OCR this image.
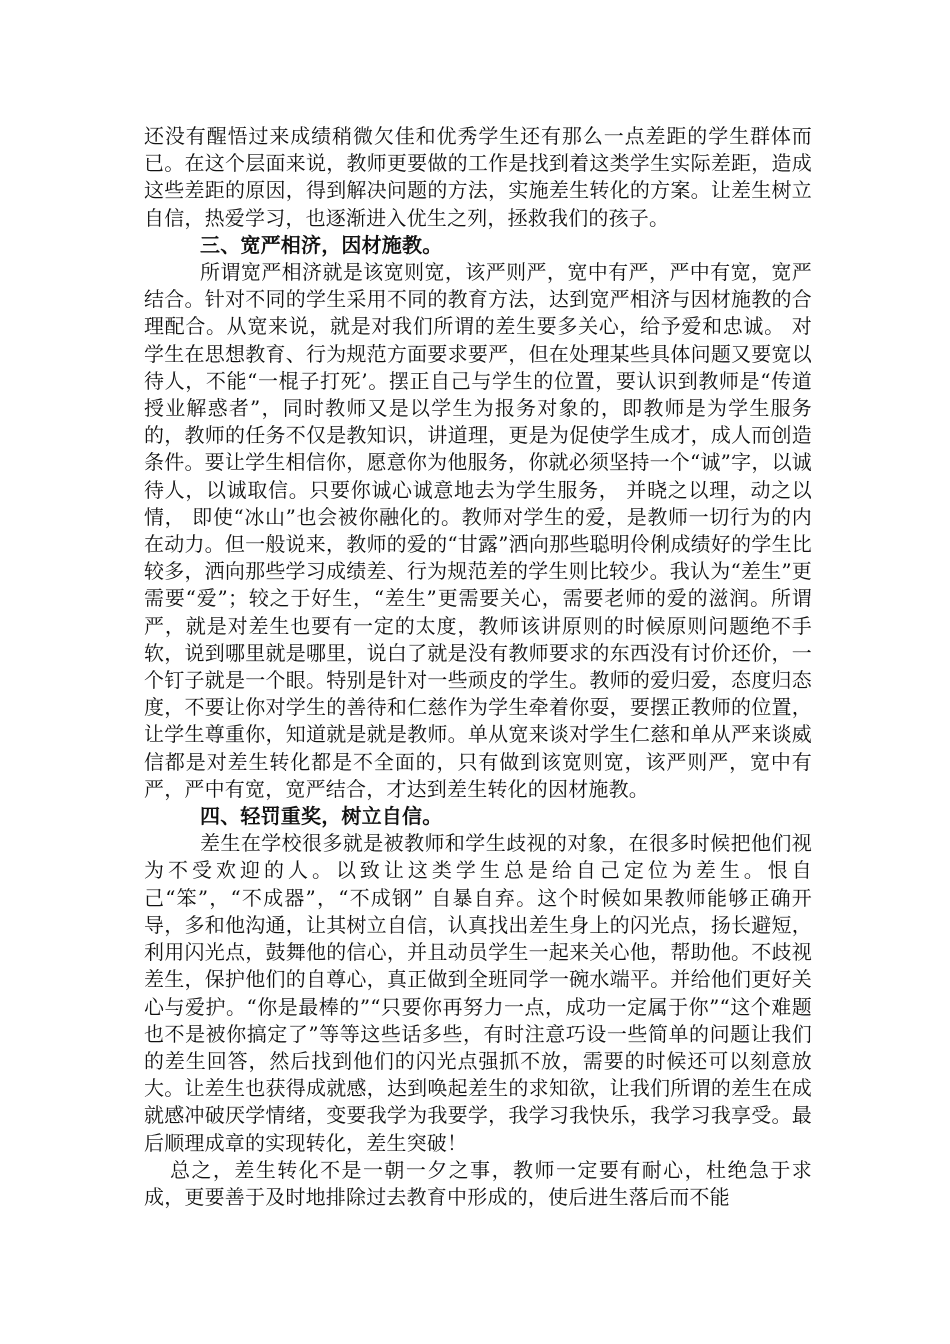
还没有醒悟过来成绩稍微欠佳和优秀学生还有那么一点差距的学生群体而已。在这个层面来说，教师更要做的工作是找到着这类学生实际差距，造成这些差距的原因，得到解决问题的方法，实施差生转化的方案。让差生树立自信，热爱学习，也逐渐进入优生之列，拯救我们的孩子。

三、宽严相济，因材施教。

所谓宽严相济就是该宽则宽，该严则严，宽中有严，严中有宽，宽严结合。针对不同的学生采用不同的教育方法，达到宽严相济与因材施教的合理配合。从宽来说，就是对我们所谓的差生要多关心，给予爱和忠诚。 对学生在思想教育、行为规范方面要求要严，但在处理某些具体问题又要宽以待人，不能“一棍子打死’。摆正自己与学生的位置，要认识到教师是“传道授业解惑者”，同时教师又是以学生为报务对象的，即教师是为学生服务的，教师的任务不仅是教知识，讲道理，更是为促使学生成才，成人而创造条件。要让学生相信你，愿意你为他服务，你就必须坚持一个“诚”字，以诚待人，以诚取信。只要你诚心诚意地去为学生服务， 并晓之以理，动之以情， 即使“冰山”也会被你融化的。教师对学生的爱，是教师一切行为的内在动力。但一般说来，教师的爱的“甘露”洒向那些聪明伶俐成绩好的学生比较多，洒向那些学习成绩差、行为规范差的学生则比较少。我认为“差生”更需要“爱”；较之于好生，“差生”更需要关心，需要老师的爱的滋润。所谓严，就是对差生也要有一定的太度，教师该讲原则的时候原则问题绝不手软，说到哪里就是哪里，说白了就是没有教师要求的东西没有讨价还价，一个钉子就是一个眼。特别是针对一些顽皮的学生。教师的爱归爱，态度归态度，不要让你对学生的善待和仁慈作为学生牵着你耍，要摆正教师的位置，让学生尊重你，知道就是就是教师。单从宽来谈对学生仁慈和单从严来谈威信都是对差生转化都是不全面的，只有做到该宽则宽，该严则严，宽中有严，严中有宽，宽严结合，才达到差生转化的因材施教。

四、轻罚重奖，树立自信。

差生在学校很多就是被教师和学生歧视的对象，在很多时候把他们视为不受欢迎的人。以致让这类学生总是给自己定位为差生。恨自己“笨”，“不成器”，“不成钢” 自暴自弃。这个时候如果教师能够正确开导，多和他沟通，让其树立自信，认真找出差生身上的闪光点，扬长避短，利用闪光点，鼓舞他的信心，并且动员学生一起来关心他，帮助他。不歧视差生，保护他们的自尊心，真正做到全班同学一碗水端平。并给他们更好关心与爱护。“你是最棒的”“只要你再努力一点，成功一定属于你”“这个难题也不是被你搞定了”等等这些话多些，有时注意巧设一些简单的问题让我们的差生回答，然后找到他们的闪光点强抓不放，需要的时候还可以刻意放大。让差生也获得成就感，达到唤起差生的求知欲，让我们所谓的差生在成就感冲破厌学情绪，变要我学为我要学，我学习我快乐，我学习我享受。最后顺理成章的实现转化，差生突破！

总之，差生转化不是一朝一夕之事，教师一定要有耐心，杜绝急于求成，更要善于及时地排除过去教育中形成的，使后进生落后而不能
